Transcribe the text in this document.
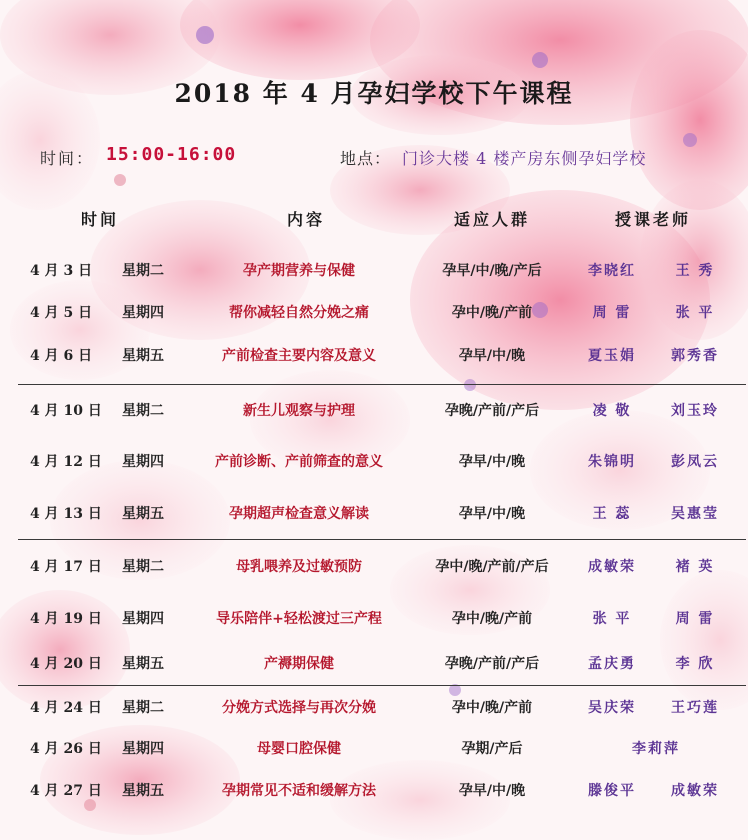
2018 年 4 月孕妇学校下午课程
时间： 15:00-16:00	地点： 门诊大楼 4 楼产房东侧孕妇学校
时间	内容	适应人群	授课老师
4 月 3 日	星期二	孕产期营养与保健	孕早/中/晚/产后	李晓红	王 秀
4 月 5 日	星期四	帮你减轻自然分娩之痛	孕中/晚/产前	周 雷	张 平
4 月 6 日	星期五	产前检查主要内容及意义	孕早/中/晚	夏玉娟	郭秀香
4 月 10 日	星期二	新生儿观察与护理	孕晚/产前/产后	凌 敬	刘玉玲
4 月 12 日	星期四	产前诊断、产前筛查的意义	孕早/中/晚	朱锦明	彭凤云
4 月 13 日	星期五	孕期超声检查意义解读	孕早/中/晚	王 蕊	吴惠莹
4 月 17 日	星期二	母乳喂养及过敏预防	孕中/晚/产前/产后	成敏荣	褚 英
4 月 19 日	星期四	导乐陪伴+轻松渡过三产程	孕中/晚/产前	张 平	周 雷
4 月 20 日	星期五	产褥期保健	孕晚/产前/产后	孟庆勇	李 欣
4 月 24 日	星期二	分娩方式选择与再次分娩	孕中/晚/产前	吴庆荣	王巧莲
4 月 26 日	星期四	母婴口腔保健	孕期/产后	李莉萍
4 月 27 日	星期五	孕期常见不适和缓解方法	孕早/中/晚	滕俊平	成敏荣
